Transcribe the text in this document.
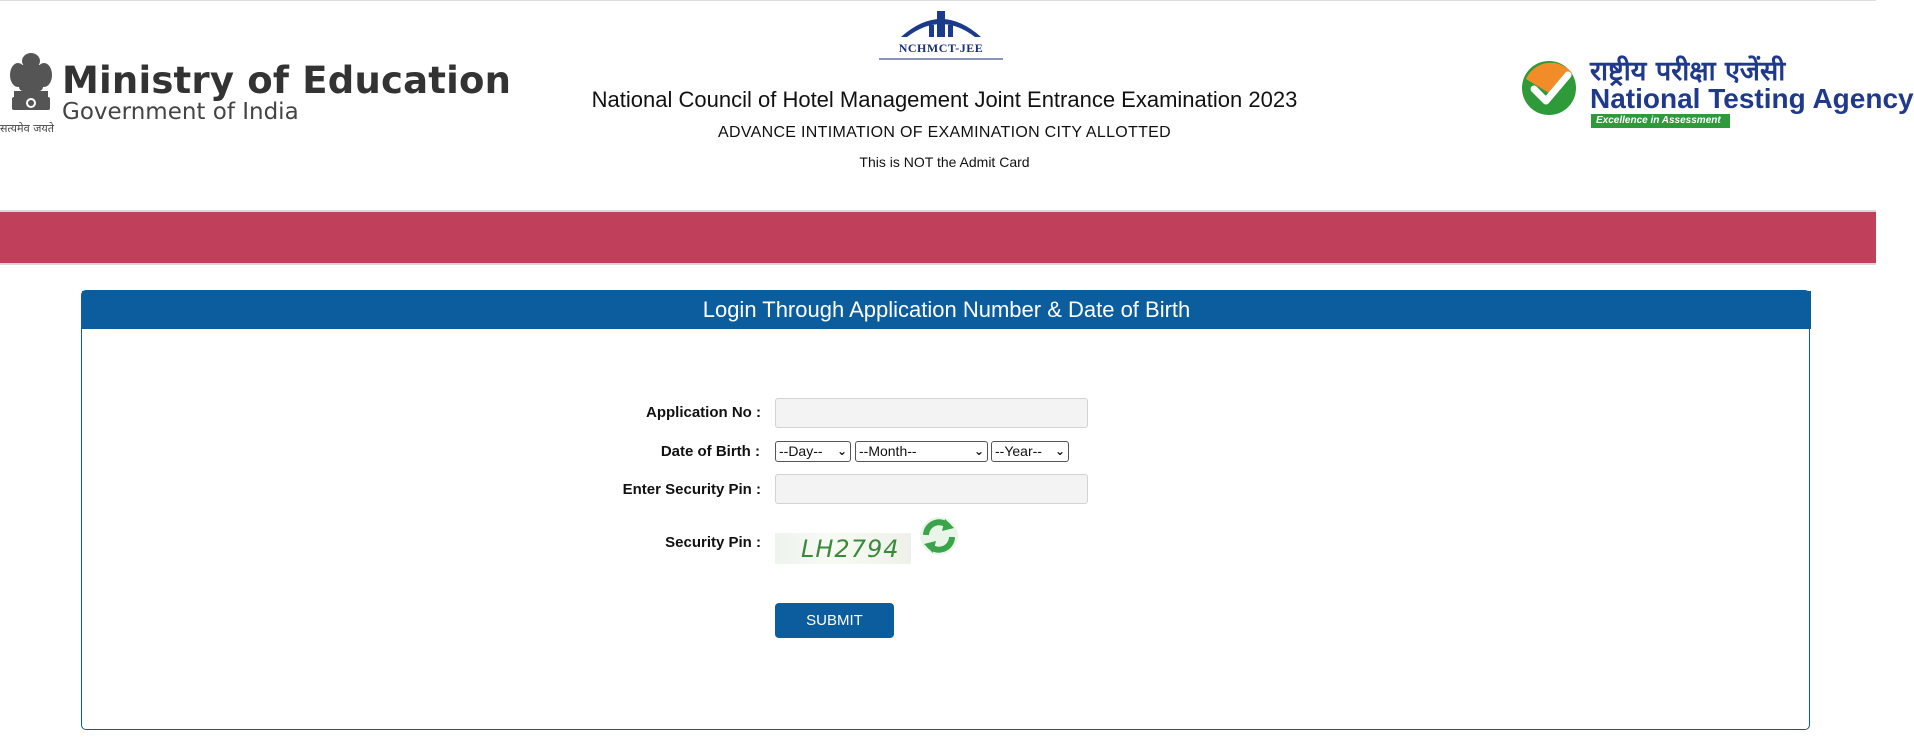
Ministry of Education
Government of India
सत्यमेव जयते
NCHMCT-JEE
National Council of Hotel Management Joint Entrance Examination 2023
ADVANCE INTIMATION OF EXAMINATION CITY ALLOTTED
This is NOT the Admit Card
राष्ट्रीय परीक्षा एजेंसी
National Testing Agency
Excellence in Assessment
Login Through Application Number & Date of Birth
Application No :
Date of Birth : --Day-- ⌄ --Month--	⌄ --Year-- ⌄
Enter Security Pin :
Security Pin : LH2794
SUBMIT
